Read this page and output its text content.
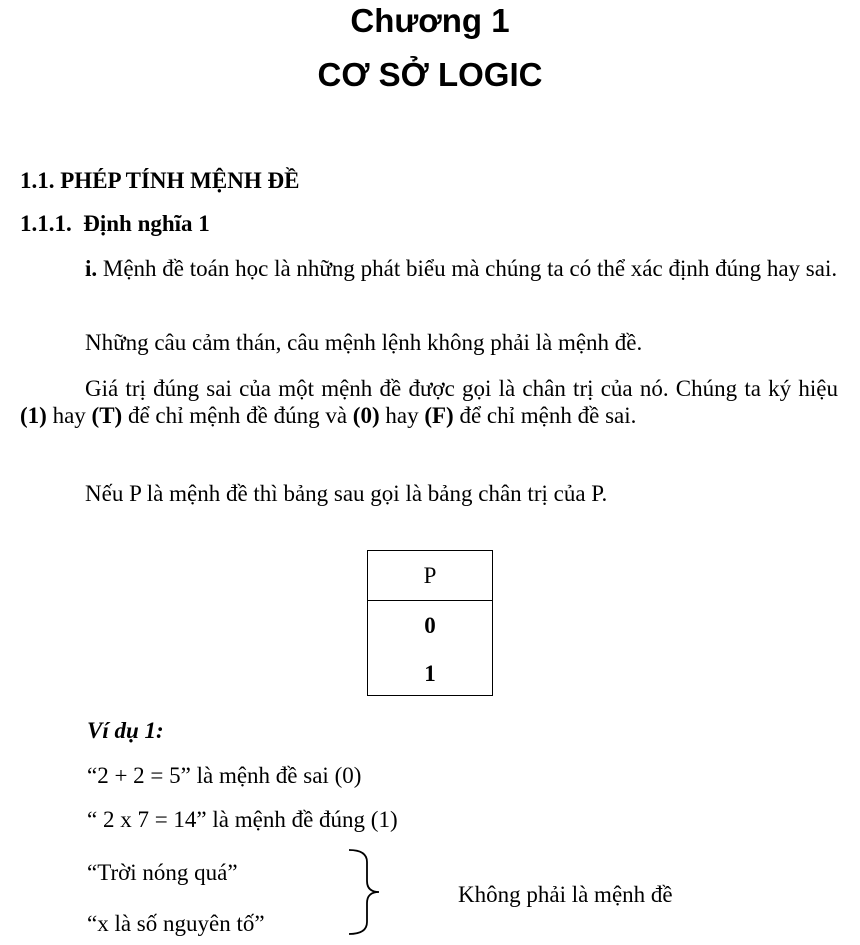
Chương 1
CƠ SỞ LOGIC
1.1. PHÉP TÍNH MỆNH ĐỀ
1.1.1.  Định nghĩa 1
i. Mệnh đề toán học là những phát biểu mà chúng ta có thể xác định đúng hay sai.
Những câu cảm thán, câu mệnh lệnh không phải là mệnh đề.
Giá trị đúng sai của một mệnh đề được gọi là chân trị của nó. Chúng ta ký hiệu (1) hay (T) để chỉ mệnh đề đúng và (0) hay (F) để chỉ mệnh đề sai.
Nếu P là mệnh đề thì bảng sau gọi là bảng chân trị của P.
P
0
1
Ví dụ 1:
“2 + 2 = 5” là mệnh đề sai (0)
“ 2 x 7 = 14” là mệnh đề đúng (1)
“Trời nóng quá”
“x là số nguyên tố”
Không phải là mệnh đề
